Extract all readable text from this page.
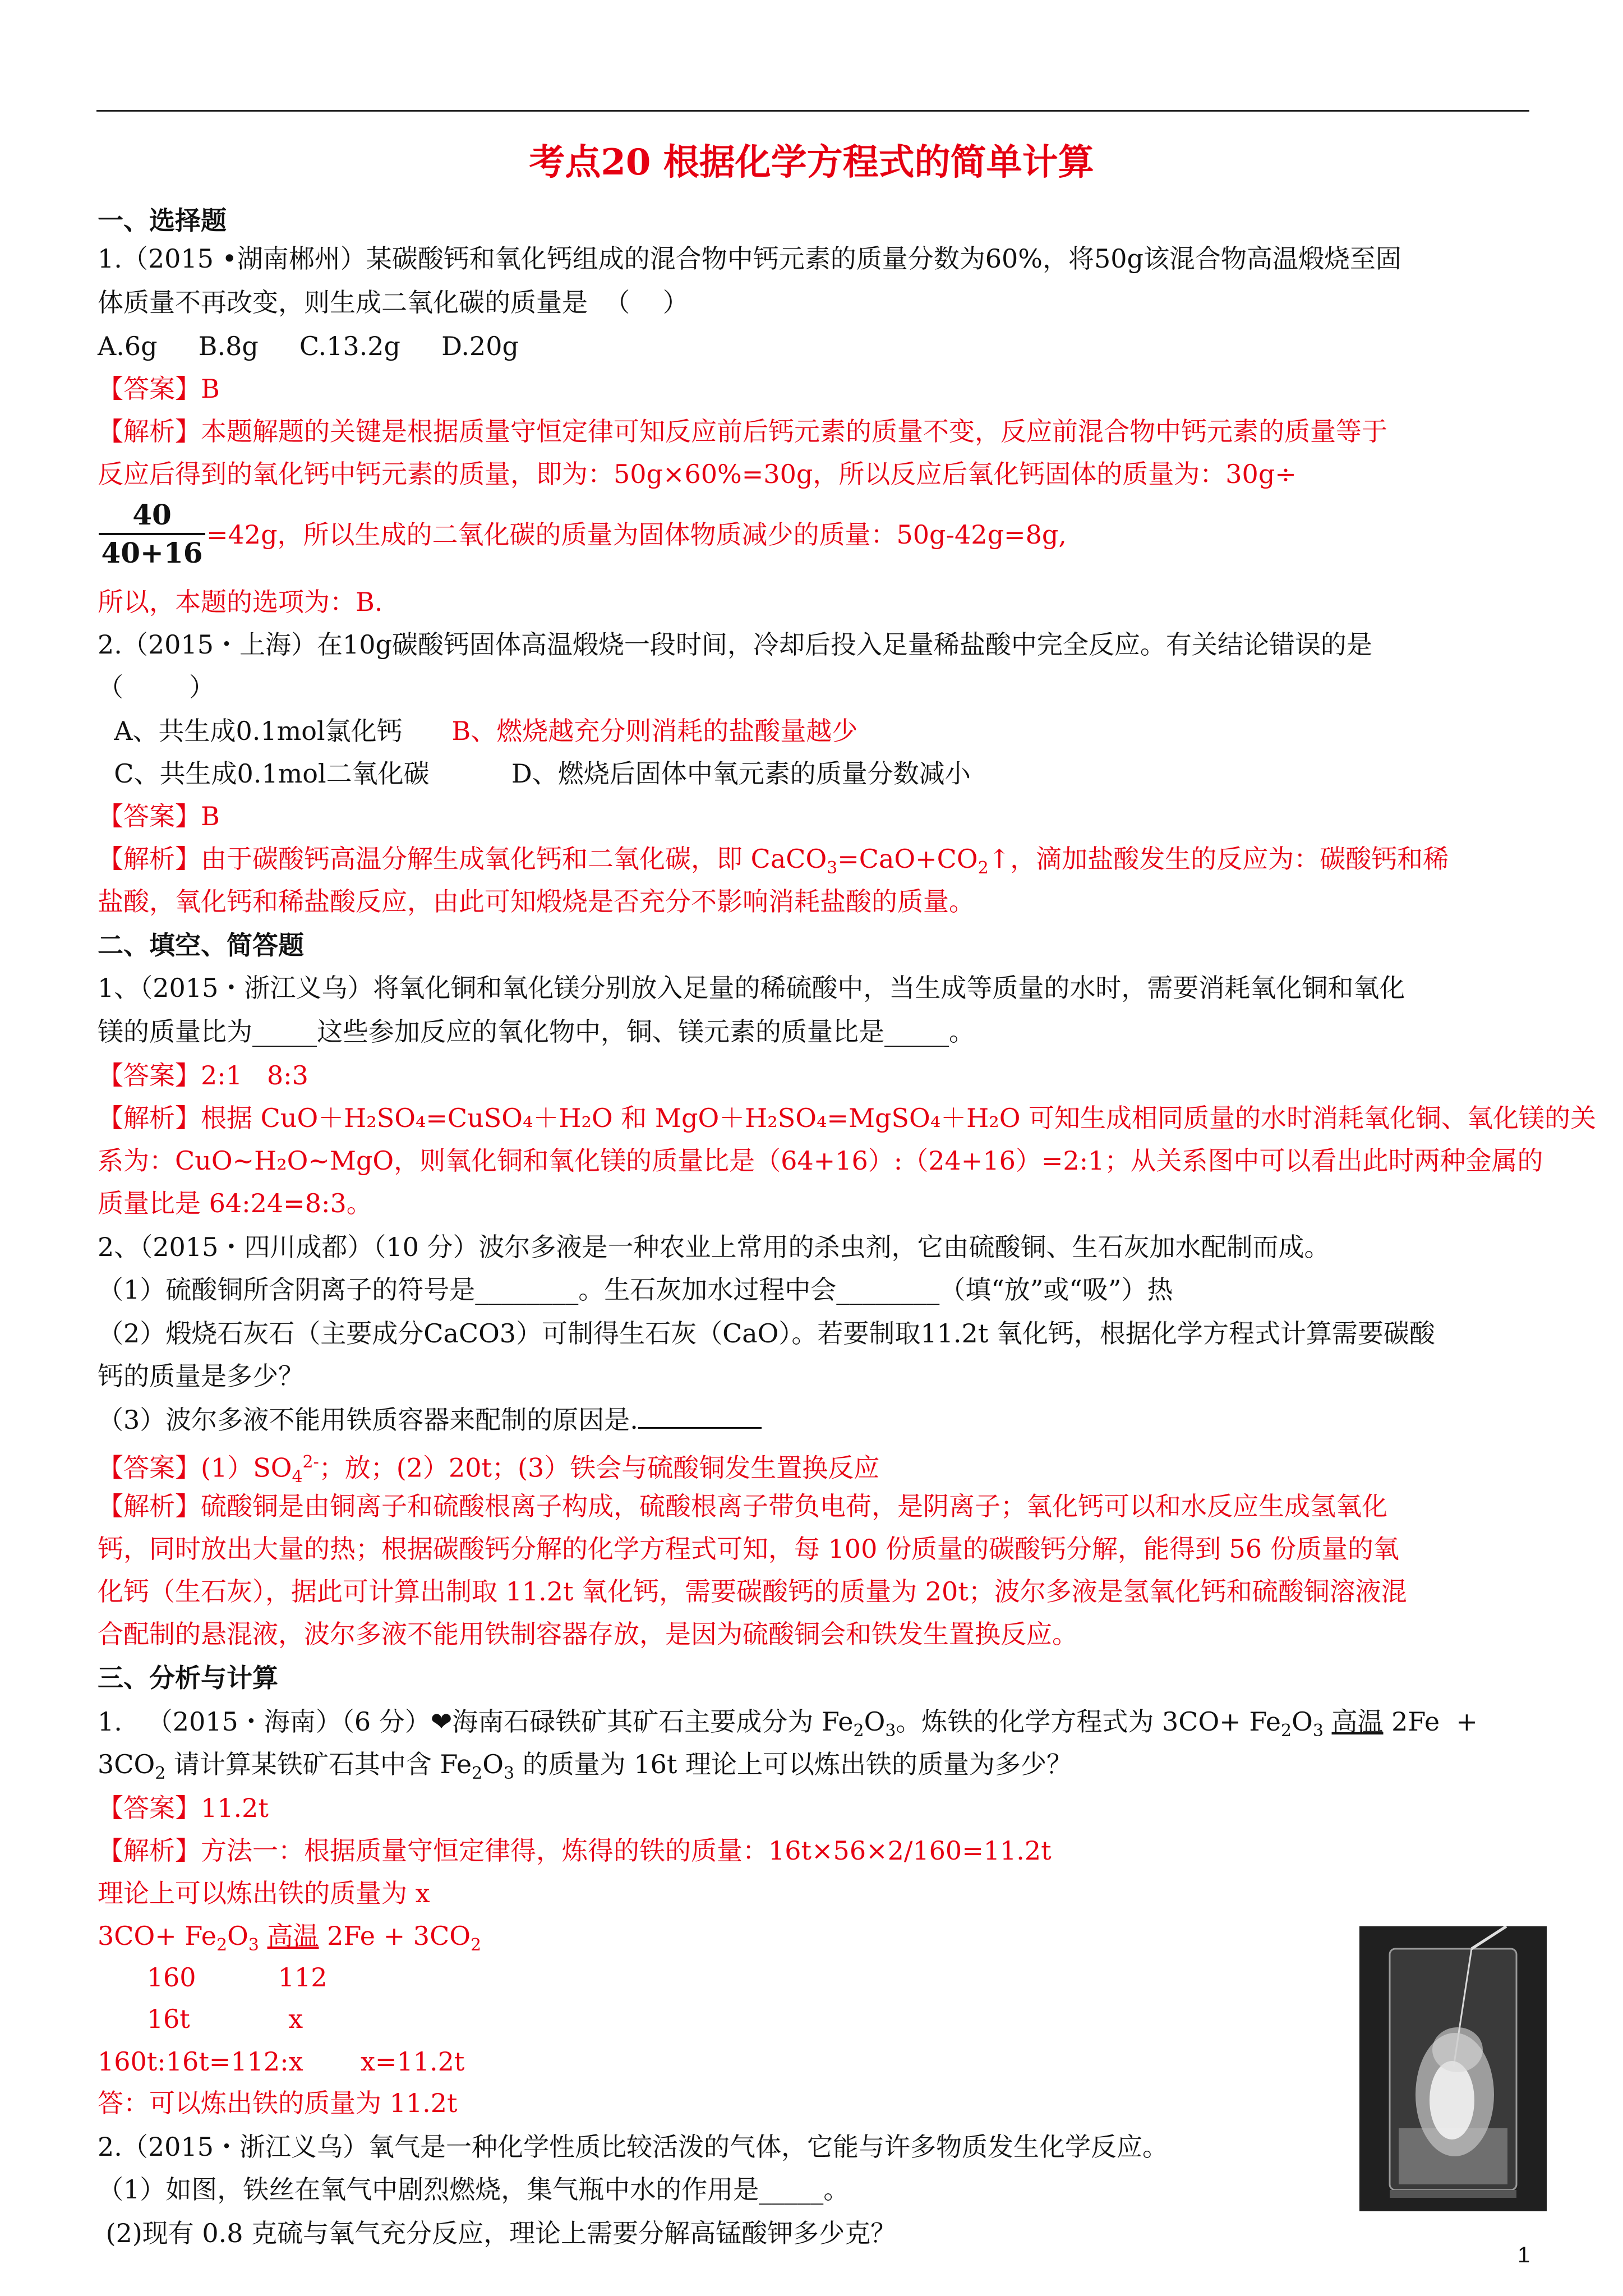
考点20 根据化学方程式的简单计算
一、选择题
1.（2015 •湖南郴州）某碳酸钙和氧化钙组成的混合物中钙元素的质量分数为60%，将50g该混合物高温煅烧至固
体质量不再改变，则生成二氧化碳的质量是  （    ）
A.6g     B.8g     C.13.2g     D.20g
【答案】B
【解析】本题解题的关键是根据质量守恒定律可知反应前后钙元素的质量不变，反应前混合物中钙元素的质量等于
反应后得到的氧化钙中钙元素的质量，即为：50g×60%=30g，所以反应后氧化钙固体的质量为：30g÷
40
40+16
=42g，所以生成的二氧化碳的质量为固体物质减少的质量：50g-42g=8g,
所以，本题的选项为：B.
2.（2015・上海）在10g碳酸钙固体高温煅烧一段时间，冷却后投入足量稀盐酸中完全反应。有关结论错误的是
（        ）
A、共生成0.1mol氯化钙      B、燃烧越充分则消耗的盐酸量越少
C、共生成0.1mol二氧化碳          D、燃烧后固体中氧元素的质量分数减小
【答案】B
【解析】由于碳酸钙高温分解生成氧化钙和二氧化碳，即 $CaCO_3=CaO+CO_2↑$，滴加盐酸发生的反应为：碳酸钙和稀
盐酸，氧化钙和稀盐酸反应，由此可知煅烧是否充分不影响消耗盐酸的质量。
二、填空、简答题
1、（2015・浙江义乌）将氧化铜和氧化镁分别放入足量的稀硫酸中，当生成等质量的水时，需要消耗氧化铜和氧化
镁的质量比为_____这些参加反应的氧化物中，铜、镁元素的质量比是_____。
【答案】2:1   8:3
【解析】根据 CuO＋H₂SO₄=CuSO₄＋H₂O 和 MgO＋H₂SO₄=MgSO₄＋H₂O 可知生成相同质量的水时消耗氧化铜、氧化镁的关
系为：CuO~H₂O~MgO，则氧化铜和氧化镁的质量比是（64+16）:（24+16）=2:1；从关系图中可以看出此时两种金属的
质量比是 64:24=8:3。
2、（2015・四川成都）（10 分）波尔多液是一种农业上常用的杀虫剂，它由硫酸铜、生石灰加水配制而成。
（1）硫酸铜所含阴离子的符号是________。生石灰加水过程中会________（填“放”或“吸”）热
（2）煅烧石灰石（主要成分CaCO3）可制得生石灰（CaO）。若要制取11.2t 氧化钙，根据化学方程式计算需要碳酸
钙的质量是多少？
（3）波尔多液不能用铁质容器来配制的原因是.
【答案】$(1)SO_4^{2-}$；放；(2）20t；(3）铁会与硫酸铜发生置换反应
【解析】硫酸铜是由铜离子和硫酸根离子构成，硫酸根离子带负电荷，是阴离子；氧化钙可以和水反应生成氢氧化
钙，同时放出大量的热；根据碳酸钙分解的化学方程式可知，每 100 份质量的碳酸钙分解，能得到 56 份质量的氧
化钙（生石灰），据此可计算出制取 11.2t 氧化钙，需要碳酸钙的质量为 20t；波尔多液是氢氧化钙和硫酸铜溶液混
合配制的悬混液，波尔多液不能用铁制容器存放，是因为硫酸铜会和铁发生置换反应。
三、分析与计算
1.   （2015・海南）（6 分）❤海南石碌铁矿其矿石主要成分为 $Fe_2O_3$。炼铁的化学方程式为 $3CO+ Fe_2O_3$ 高温 2Fe  +
$3CO_2$ 请计算某铁矿石其中含 $Fe_2O_3$ 的质量为 16t 理论上可以炼出铁的质量为多少？
【答案】11.2t
【解析】方法一：根据质量守恒定律得，炼得的铁的质量：16t×56×2/160=11.2t
理论上可以炼出铁的质量为 x
$3CO+ Fe_2O_3$ 高温 $2Fe + 3CO_2$
160          112
16t            x
160t:16t=112:x       x=11.2t
答：可以炼出铁的质量为 11.2t
2.（2015・浙江义乌）氧气是一种化学性质比较活泼的气体，它能与许多物质发生化学反应。
（1）如图，铁丝在氧气中剧烈燃烧，集气瓶中水的作用是_____。
(2)现有 0.8 克硫与氧气充分反应，理论上需要分解高锰酸钾多少克？
1
